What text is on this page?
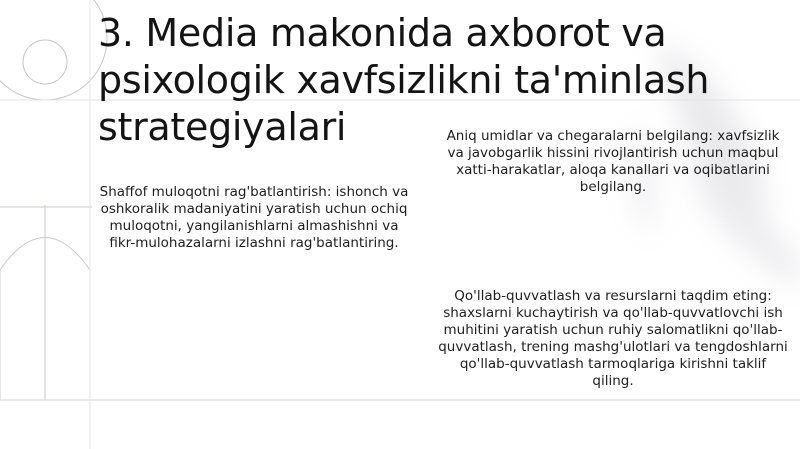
3. Media makonida axborot va psixologik xavfsizlikni ta'minlash strategiyalari

Shaffof muloqotni rag'batlantirish: ishonch va oshkoralik madaniyatini yaratish uchun ochiq muloqotni, yangilanishlarni almashishni va fikr-mulohazalarni izlashni rag'batlantiring.

Aniq umidlar va chegaralarni belgilang: xavfsizlik va javobgarlik hissini rivojlantirish uchun maqbul xatti-harakatlar, aloqa kanallari va oqibatlarini belgilang.

Qo'llab-quvvatlash va resurslarni taqdim eting: shaxslarni kuchaytirish va qo'llab-quvvatlovchi ish muhitini yaratish uchun ruhiy salomatlikni qo'llab-quvvatlash, trening mashg'ulotlari va tengdoshlarni qo'llab-quvvatlash tarmoqlariga kirishni taklif qiling.
